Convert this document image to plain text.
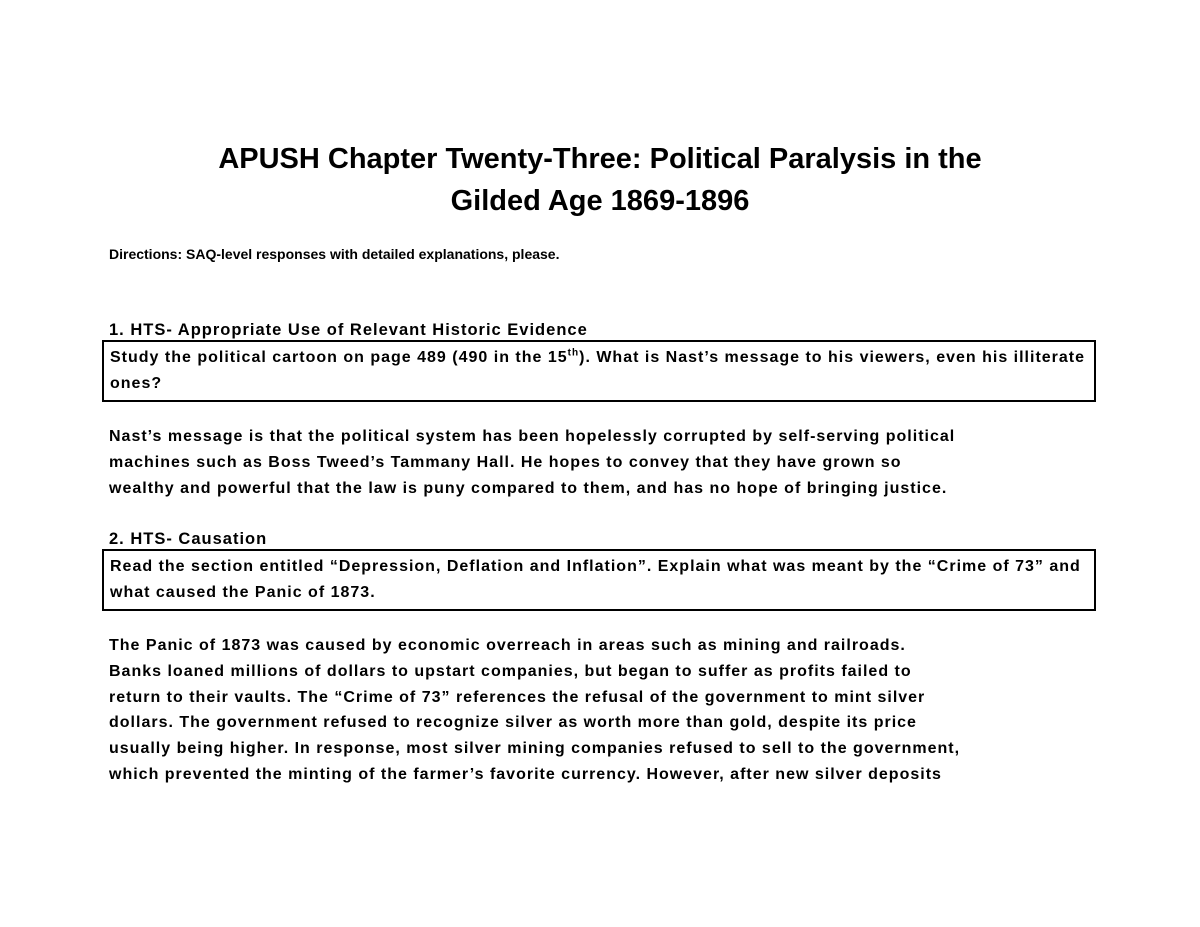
APUSH Chapter Twenty-Three: Political Paralysis in the
Gilded Age 1869-1896
Directions: SAQ-level responses with detailed explanations, please.
1. HTS- Appropriate Use of Relevant Historic Evidence
Study the political cartoon on page 489 (490 in the 15th). What is Nast’s message to his viewers, even his illiterate ones?
Nast’s message is that the political system has been hopelessly corrupted by self-serving political
machines such as Boss Tweed’s Tammany Hall. He hopes to convey that they have grown so
wealthy and powerful that the law is puny compared to them, and has no hope of bringing justice.
2. HTS- Causation
Read the section entitled “Depression, Deflation and Inflation”. Explain what was meant by the “Crime of 73” and what caused the Panic of 1873.
The Panic of 1873 was caused by economic overreach in areas such as mining and railroads.
Banks loaned millions of dollars to upstart companies, but began to suffer as profits failed to
return to their vaults. The “Crime of 73” references the refusal of the government to mint silver
dollars. The government refused to recognize silver as worth more than gold, despite its price
usually being higher. In response, most silver mining companies refused to sell to the government,
which prevented the minting of the farmer’s favorite currency. However, after new silver deposits
